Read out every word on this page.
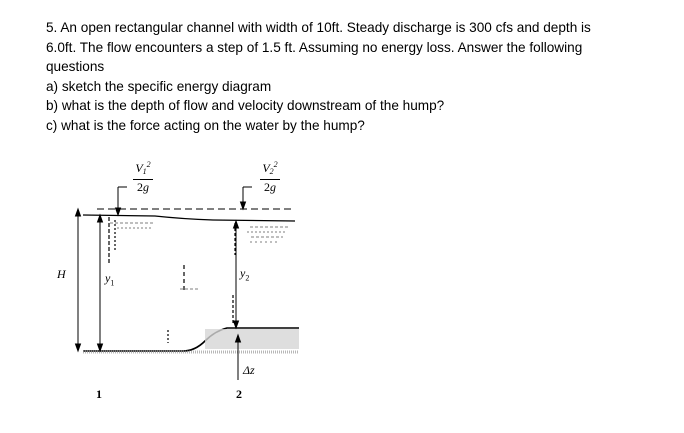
5. An open rectangular channel with width of 10ft. Steady discharge is 300 cfs and depth is
6.0ft. The flow encounters a step of 1.5 ft. Assuming no energy loss. Answer the following
questions
a) sketch the specific energy diagram
b) what is the depth of flow and velocity downstream of the hump?
c) what is the force acting on the water by the hump?
H	$y_1$
$y_2$
Δz
1	2
$V_1^2$
2g
$V_2^2$
2g
